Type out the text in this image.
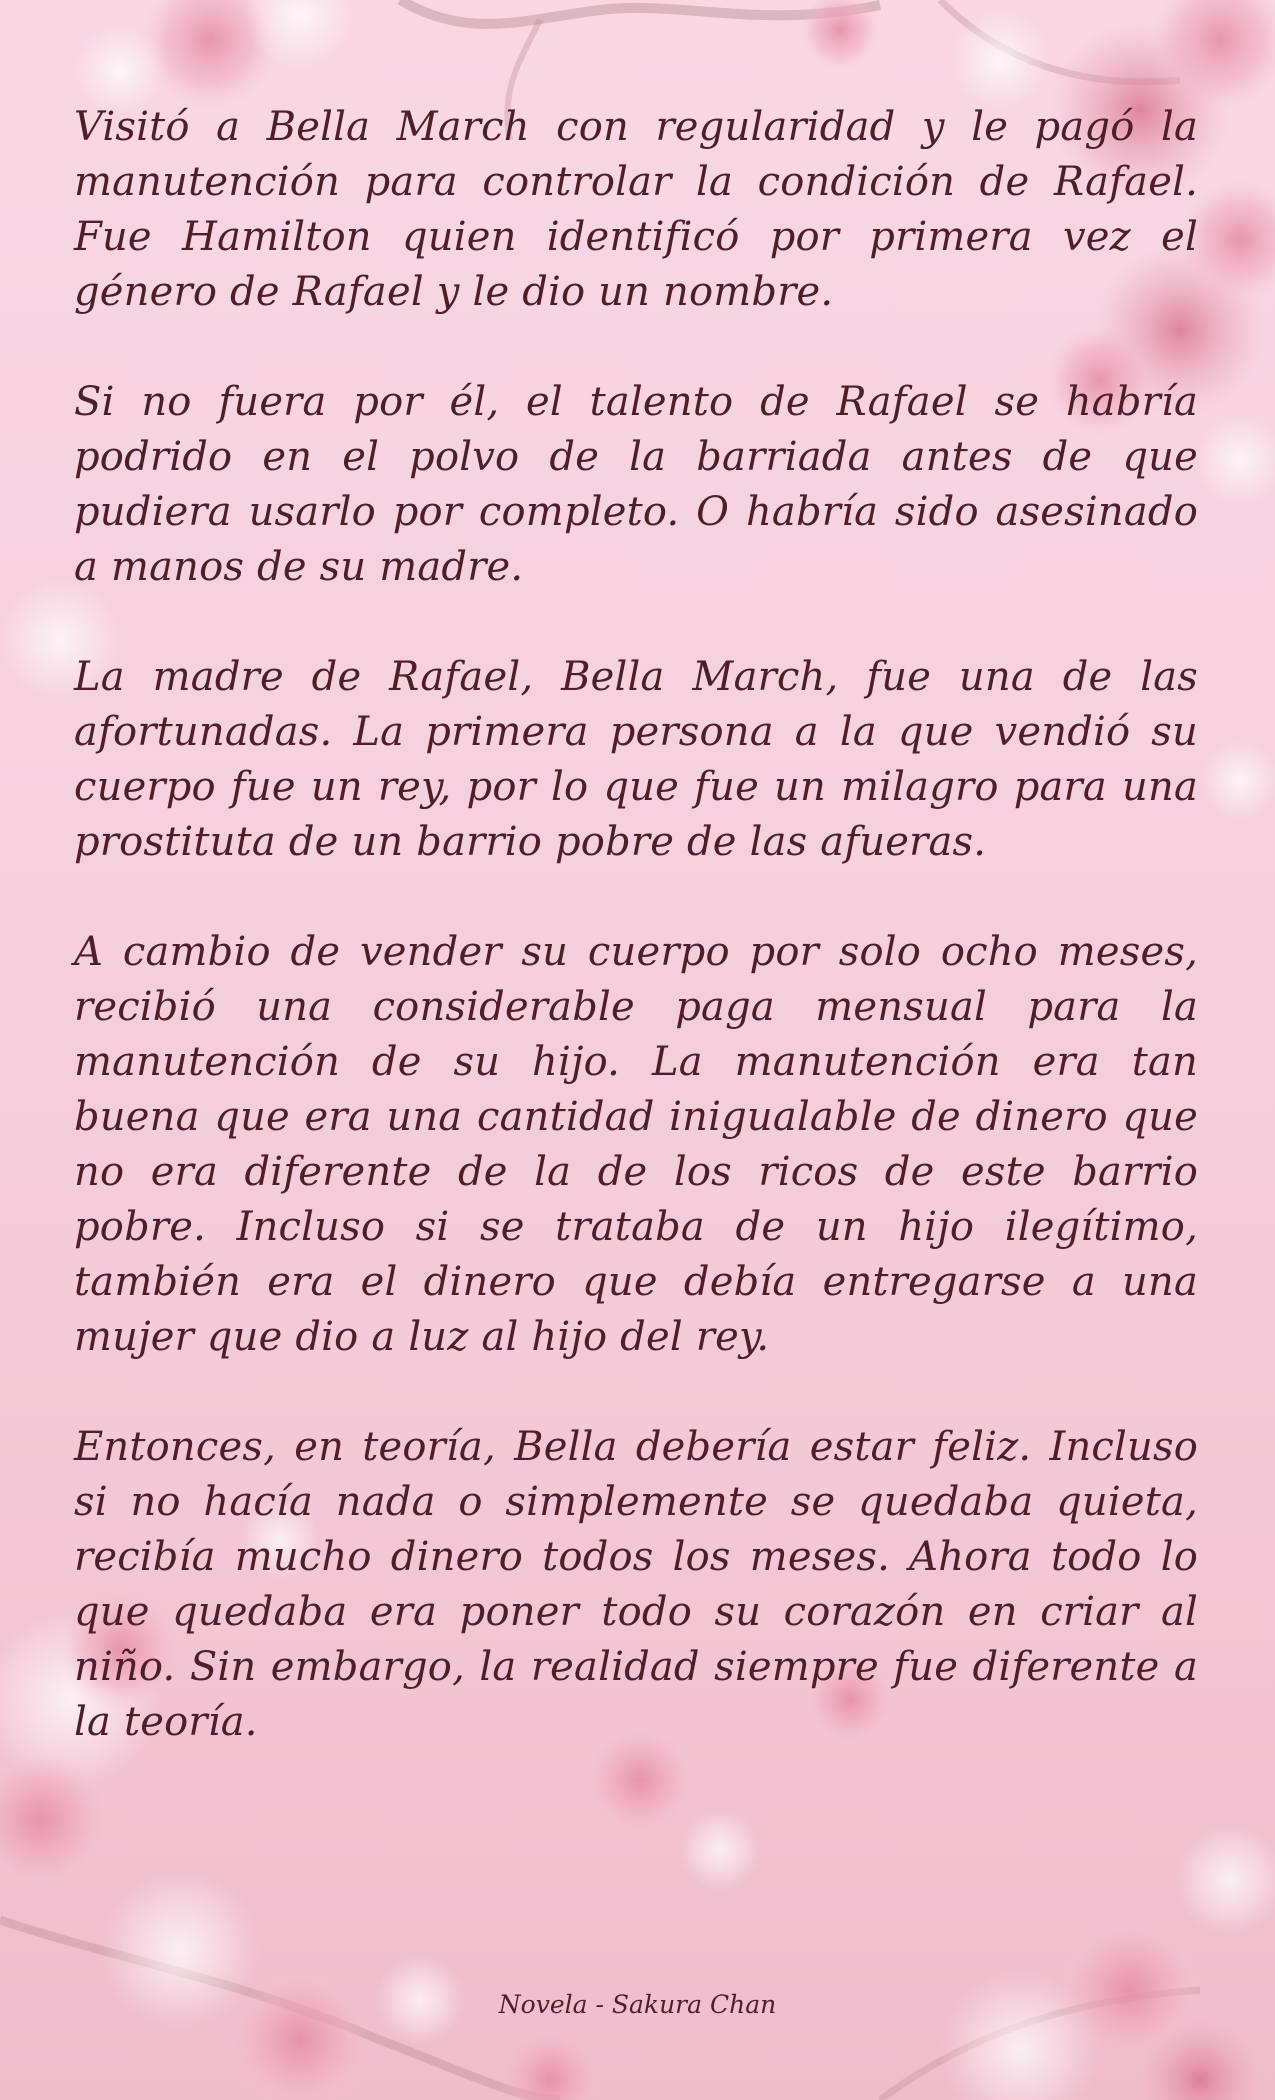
Visitó a Bella March con regularidad y le pagó la manutención para controlar la condición de Rafael. Fue Hamilton quien identificó por primera vez el género de Rafael y le dio un nombre.

Si no fuera por él, el talento de Rafael se habría podrido en el polvo de la barriada antes de que pudiera usarlo por completo. O habría sido asesinado a manos de su madre.

La madre de Rafael, Bella March, fue una de las afortunadas. La primera persona a la que vendió su cuerpo fue un rey, por lo que fue un milagro para una prostituta de un barrio pobre de las afueras.

A cambio de vender su cuerpo por solo ocho meses, recibió una considerable paga mensual para la manutención de su hijo. La manutención era tan buena que era una cantidad inigualable de dinero que no era diferente de la de los ricos de este barrio pobre. Incluso si se trataba de un hijo ilegítimo, también era el dinero que debía entregarse a una mujer que dio a luz al hijo del rey.

Entonces, en teoría, Bella debería estar feliz. Incluso si no hacía nada o simplemente se quedaba quieta, recibía mucho dinero todos los meses. Ahora todo lo que quedaba era poner todo su corazón en criar al niño. Sin embargo, la realidad siempre fue diferente a la teoría.

Novela - Sakura Chan
